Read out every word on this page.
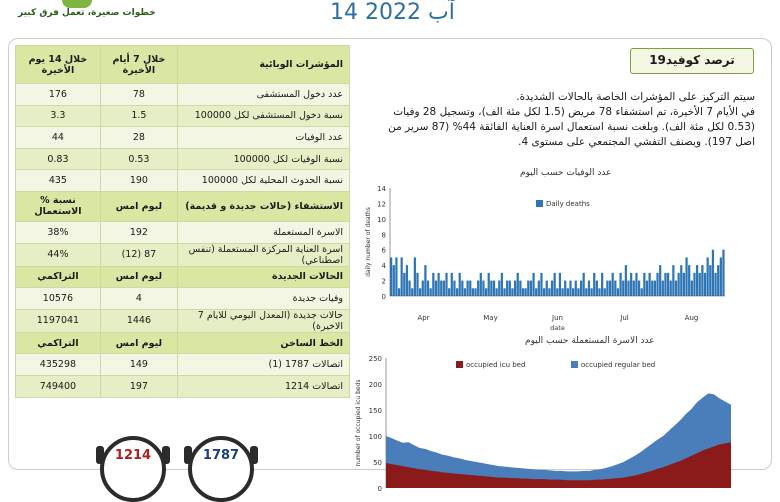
خطوات صغيرة، تعمل فرق كبير	14 آب 2022
خلال 14 يوم الأخيرة	خلال 7 أيام الأخيرة	المؤشرات الوبائية
176	78	عدد دخول المستشفى
3.3	1.5	نسبة دخول المستشفى لكل 100000
44	28	عدد الوفيات
0.83	0.53	نسبة الوفيات لكل 100000
435	190	نسبة الحدوث المحلية لكل 100000
% نسبة الاستعمال	ليوم امس	الاستشفاء (حالات جديدة و قديمة)
38%	192	الاسرة المستعملة
44%	(12) 87	اسرة العناية المركزة المستعملة (تنفس اصطناعي)
التراكمي	ليوم امس	الحالات الجديدة
10576	4	وفيات جديدة
1197041	1446	حالات جديدة (المعدل اليومي للايام 7 الاخيرة)
التراكمي	ليوم امس	الخط الساخن
435298	149	اتصالات 1787 (1)
749400	197	اتصالات 1214
ترصد كوفيد19
سيتم التركيز على المؤشرات الخاصة بالحالات الشديدة.
في الأيام 7 الأخيرة، تم استشفاء 78 مريض (1.5 لكل مئة الف)، وتسجيل 28 وفيات
(0.53 لكل مئة الف). وبلغت نسبة استعمال اسرة العناية الفائقة 44% (87 سرير من
اصل 197). ويصنف التفشي المجتمعي على مستوى 4.
عدد الوفيات حسب اليوم
0
2
4
6
8
10
12
14
Apr	May	Jun	Jul	Aug
date
daily number of deaths
Daily deaths
عدد الاسرة المستعملة حسب اليوم
0
50
100
150
200
250
number of occupied icu beds
occupied icu bed	occupied regular bed
1214	1787
